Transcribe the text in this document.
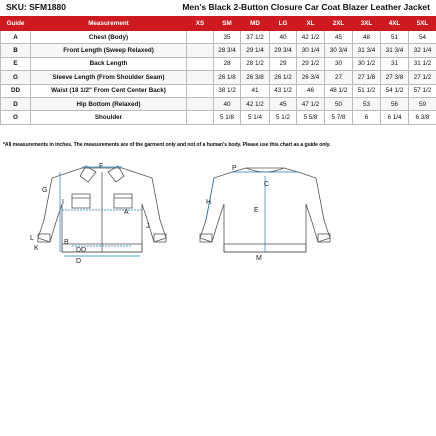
SKU: SFM1880	Men's Black 2-Button Closure Car Coat Blazer Leather Jacket
Guide	Measurement	XS	SM	MD	LG	XL	2XL	3XL	4XL	5XL
A	Chest (Body)		35	37 1/2	40	42 1/2	45	48	51	54
B	Front Length (Sweep Relaxed)		28 3/4	29 1/4	29 3/4	30 1/4	30 3/4	31 3/4	31 3/4	32 1/4
E	Back Length		28	28 1/2	29	29 1/2	30	30 1/2	31	31 1/2
G	Sleeve Length (From Shoulder Seam)		26 1/8	26 3/8	26 1/2	26 3/4	27	27 1/8	27 3/8	27 1/2
DD	Waist (18 1/2" From Cent Center Back)		38 1/2	41	43 1/2	46	48 1/2	51 1/2	54 1/2	57 1/2
D	Hip Bottom (Relaxed)		40	42 1/2	45	47 1/2	50	53	56	59
O	Shoulder		5 1/8	5 1/4	5 1/2	5 5/8	5 7/8	6	6 1/4	6 3/8
*All measurements in inches. The measurements are of the garment only and not of a human's body. Please use this chart as a guide only.
F
G
I
A
J
B
L
K	DD
D
P
C
H
E
M
